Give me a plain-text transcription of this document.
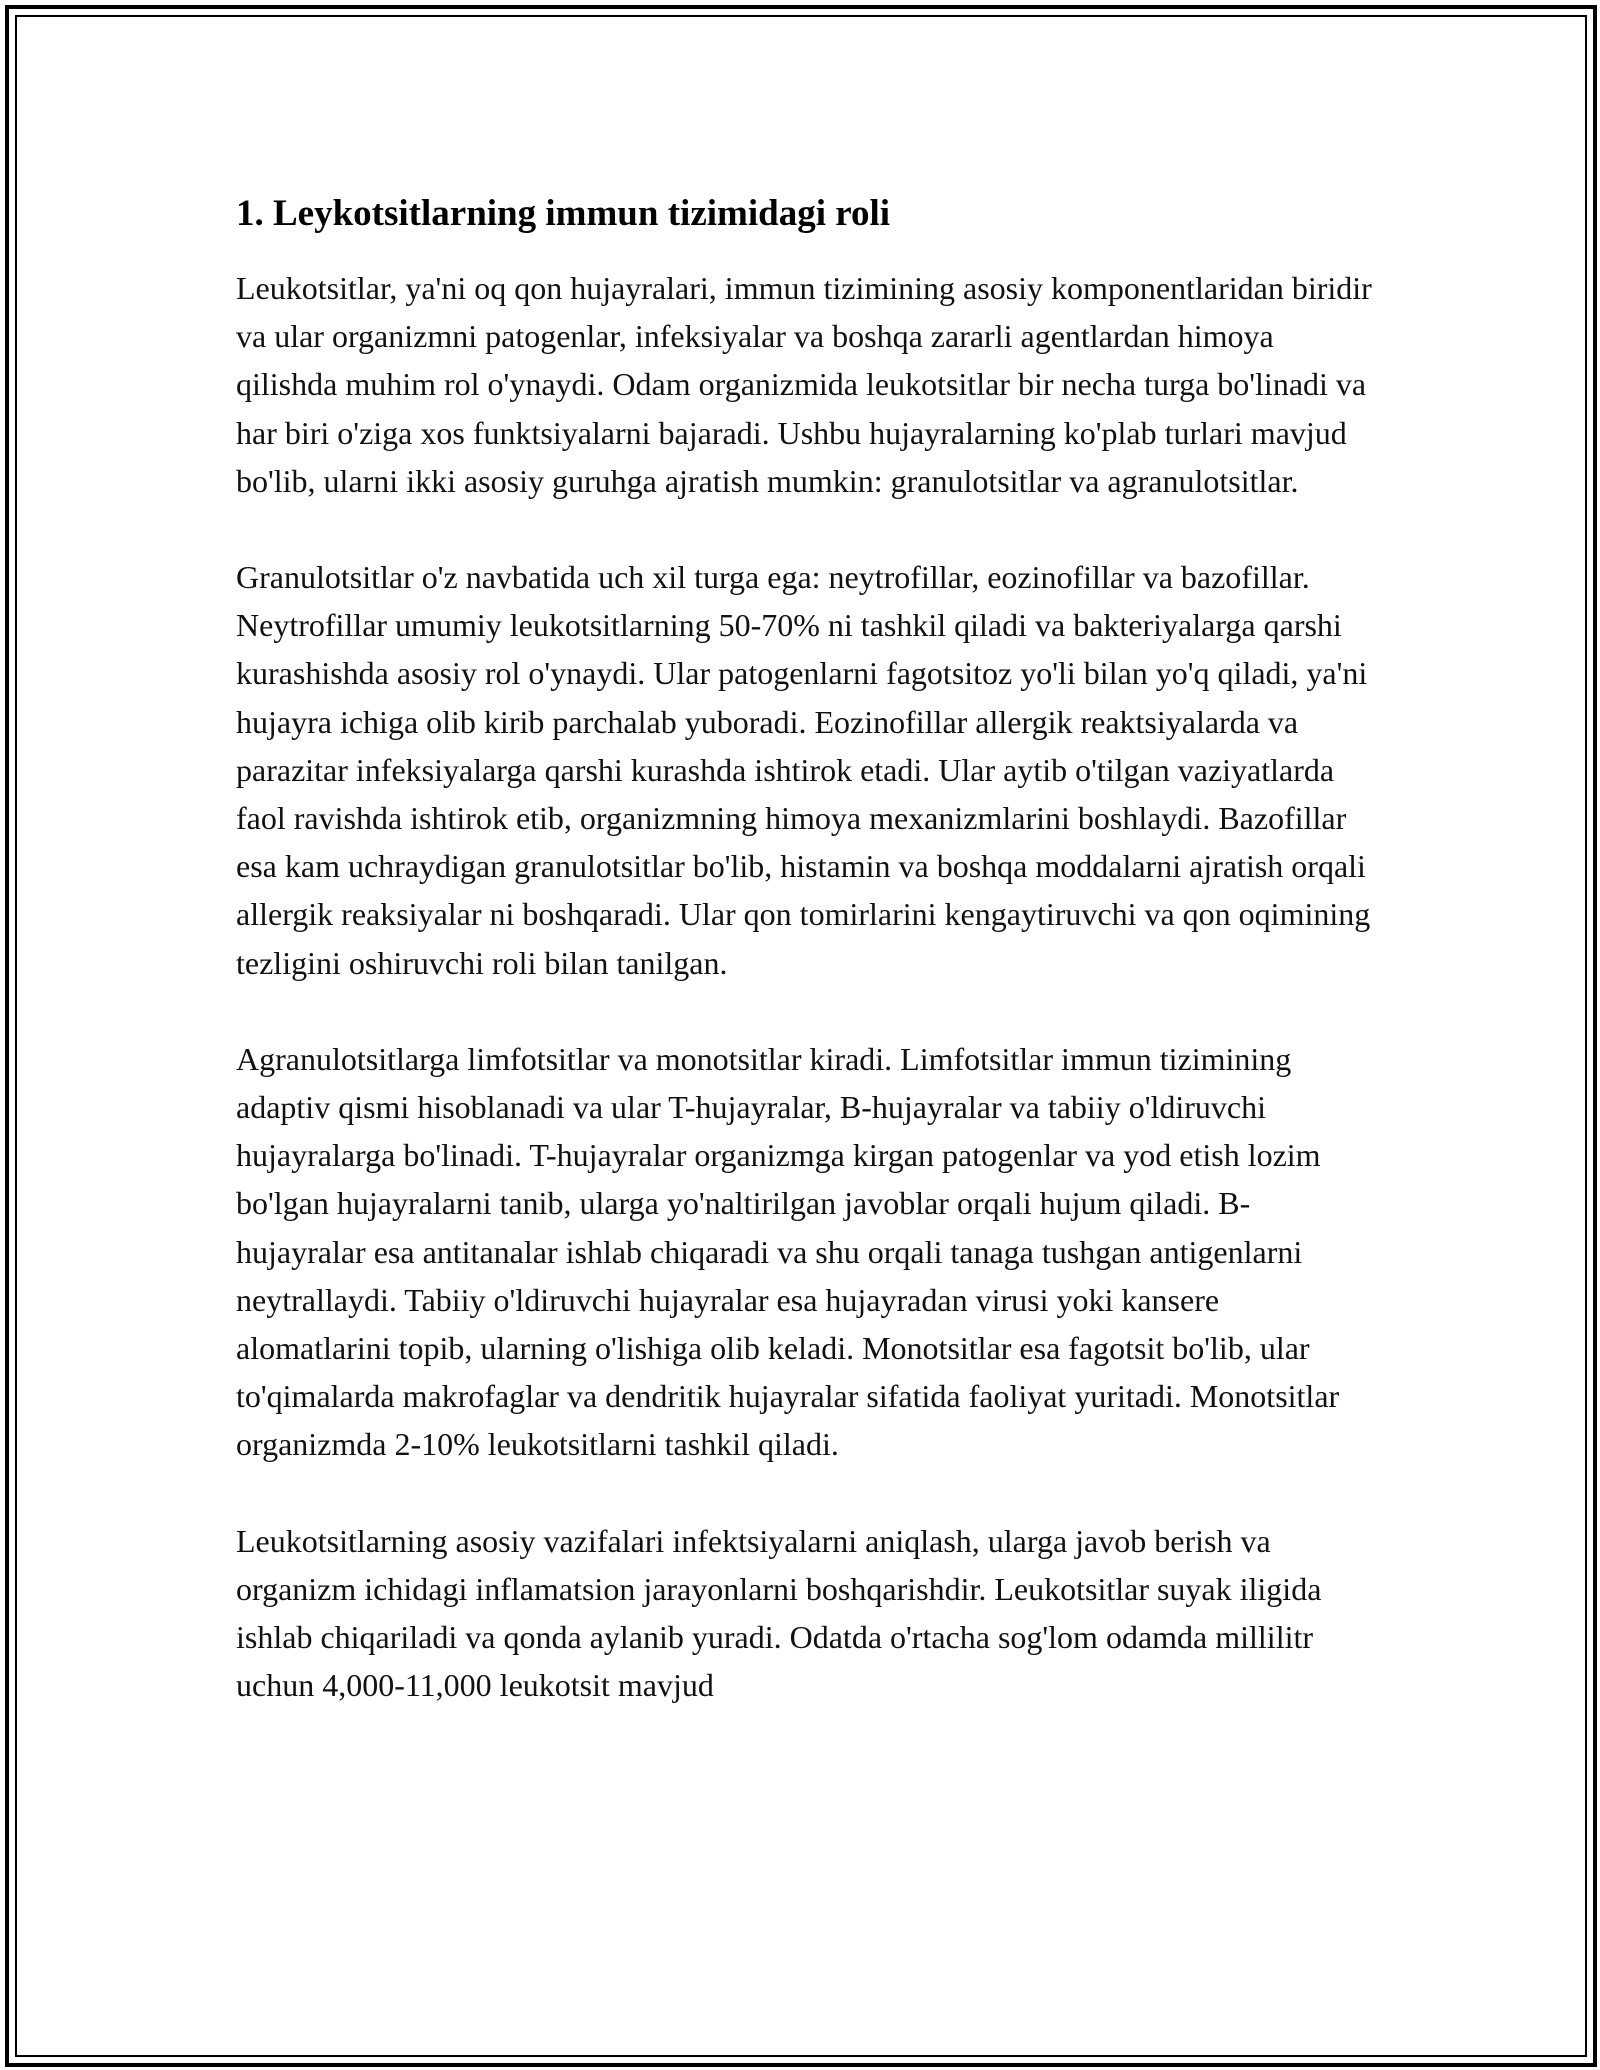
1. Leykotsitlarning immun tizimidagi roli

Leukotsitlar, ya'ni oq qon hujayralari, immun tizimining asosiy komponentlaridan biridir va ular organizmni patogenlar, infeksiyalar va boshqa zararli agentlardan himoya qilishda muhim rol o'ynaydi. Odam organizmida leukotsitlar bir necha turga bo'linadi va har biri o'ziga xos funktsiyalarni bajaradi. Ushbu hujayralarning ko'plab turlari mavjud bo'lib, ularni ikki asosiy guruhga ajratish mumkin: granulotsitlar va agranulotsitlar.

Granulotsitlar o'z navbatida uch xil turga ega: neytrofillar, eozinofillar va bazofillar. Neytrofillar umumiy leukotsitlarning 50-70% ni tashkil qiladi va bakteriyalarga qarshi kurashishda asosiy rol o'ynaydi. Ular patogenlarni fagotsitoz yo'li bilan yo'q qiladi, ya'ni hujayra ichiga olib kirib parchalab yuboradi. Eozinofillar allergik reaktsiyalarda va parazitar infeksiyalarga qarshi kurashda ishtirok etadi. Ular aytib o'tilgan vaziyatlarda faol ravishda ishtirok etib, organizmning himoya mexanizmlarini boshlaydi. Bazofillar esa kam uchraydigan granulotsitlar bo'lib, histamin va boshqa moddalarni ajratish orqali allergik reaksiyalar ni boshqaradi. Ular qon tomirlarini kengaytiruvchi va qon oqimining tezligini oshiruvchi roli bilan tanilgan.

Agranulotsitlarga limfotsitlar va monotsitlar kiradi. Limfotsitlar immun tizimining adaptiv qismi hisoblanadi va ular T-hujayralar, B-hujayralar va tabiiy o'ldiruvchi hujayralarga bo'linadi. T-hujayralar organizmga kirgan patogenlar va yod etish lozim bo'lgan hujayralarni tanib, ularga yo'naltirilgan javoblar orqali hujum qiladi. B-hujayralar esa antitanalar ishlab chiqaradi va shu orqali tanaga tushgan antigenlarni neytrallaydi. Tabiiy o'ldiruvchi hujayralar esa hujayradan virusi yoki kansere alomatlarini topib, ularning o'lishiga olib keladi. Monotsitlar esa fagotsit bo'lib, ular to'qimalarda makrofaglar va dendritik hujayralar sifatida faoliyat yuritadi. Monotsitlar organizmda 2-10% leukotsitlarni tashkil qiladi.

Leukotsitlarning asosiy vazifalari infektsiyalarni aniqlash, ularga javob berish va organizm ichidagi inflamatsion jarayonlarni boshqarishdir. Leukotsitlar suyak iligida ishlab chiqariladi va qonda aylanib yuradi. Odatda o'rtacha sog'lom odamda millilitr uchun 4,000-11,000 leukotsit mavjud
